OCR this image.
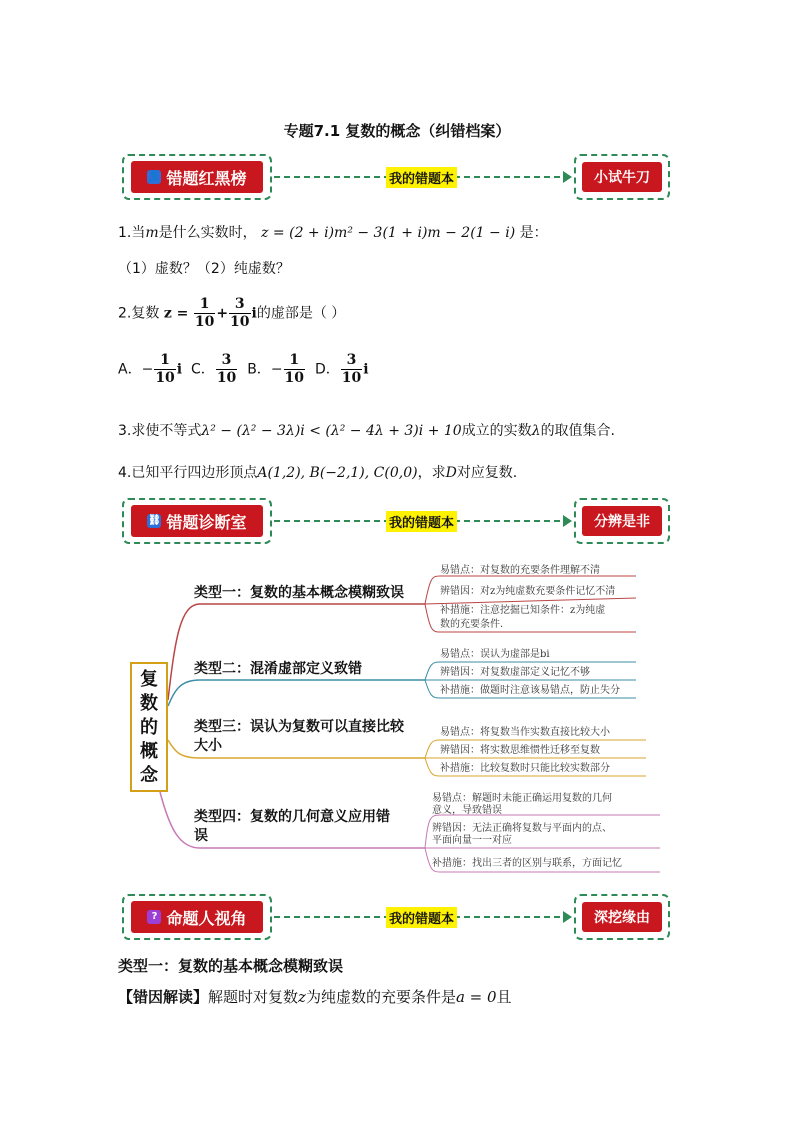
专题7.1 复数的概念（纠错档案）
👤 错题红黑榜	我的错题本	小试牛刀
1.当m是什么实数时， z = (2 + i)m² − 3(1 + i)m − 2(1 − i) 是：
（1）虚数？（2）纯虚数？
2.复数 $z = \frac{1}{10} + \frac{3}{10}$ i的虚部是（ ）
A．− $\frac{1}{10}$ i C． $\frac{3}{10}$ B．− $\frac{1}{10}$ D． $\frac{3}{10}$ i
3.求使不等式λ² − (λ² − 3λ)i < (λ² − 4λ + 3)i + 10成立的实数λ的取值集合.
4.已知平行四边形顶点A(1,2), B(−2,1), C(0,0)，求D对应复数.
⛓ 错题诊断室	我的错题本	分辨是非
复
数
的
概
念
类型一：复数的基本概念模糊致误
易错点：对复数的充要条件理解不清
辨错因：对z为纯虚数充要条件记忆不清
补措施：注意挖掘已知条件：z为纯虚
数的充要条件.
类型二：混淆虚部定义致错
易错点：误认为虚部是bi
辨错因：对复数虚部定义记忆不够
补措施：做题时注意该易错点，防止失分
类型三：误认为复数可以直接比较
大小
易错点：将复数当作实数直接比较大小
辨错因：将实数思维惯性迁移至复数
补措施：比较复数时只能比较实数部分
类型四：复数的几何意义应用错
误
易错点：解题时未能正确运用复数的几何
意义，导致错误
辨错因：无法正确将复数与平面内的点、
平面向量一一对应
补措施：找出三者的区别与联系，方面记忆
? 命题人视角	我的错题本	深挖缘由
类型一：复数的基本概念模糊致误
【错因解读】解题时对复数z为纯虚数的充要条件是a = 0且
